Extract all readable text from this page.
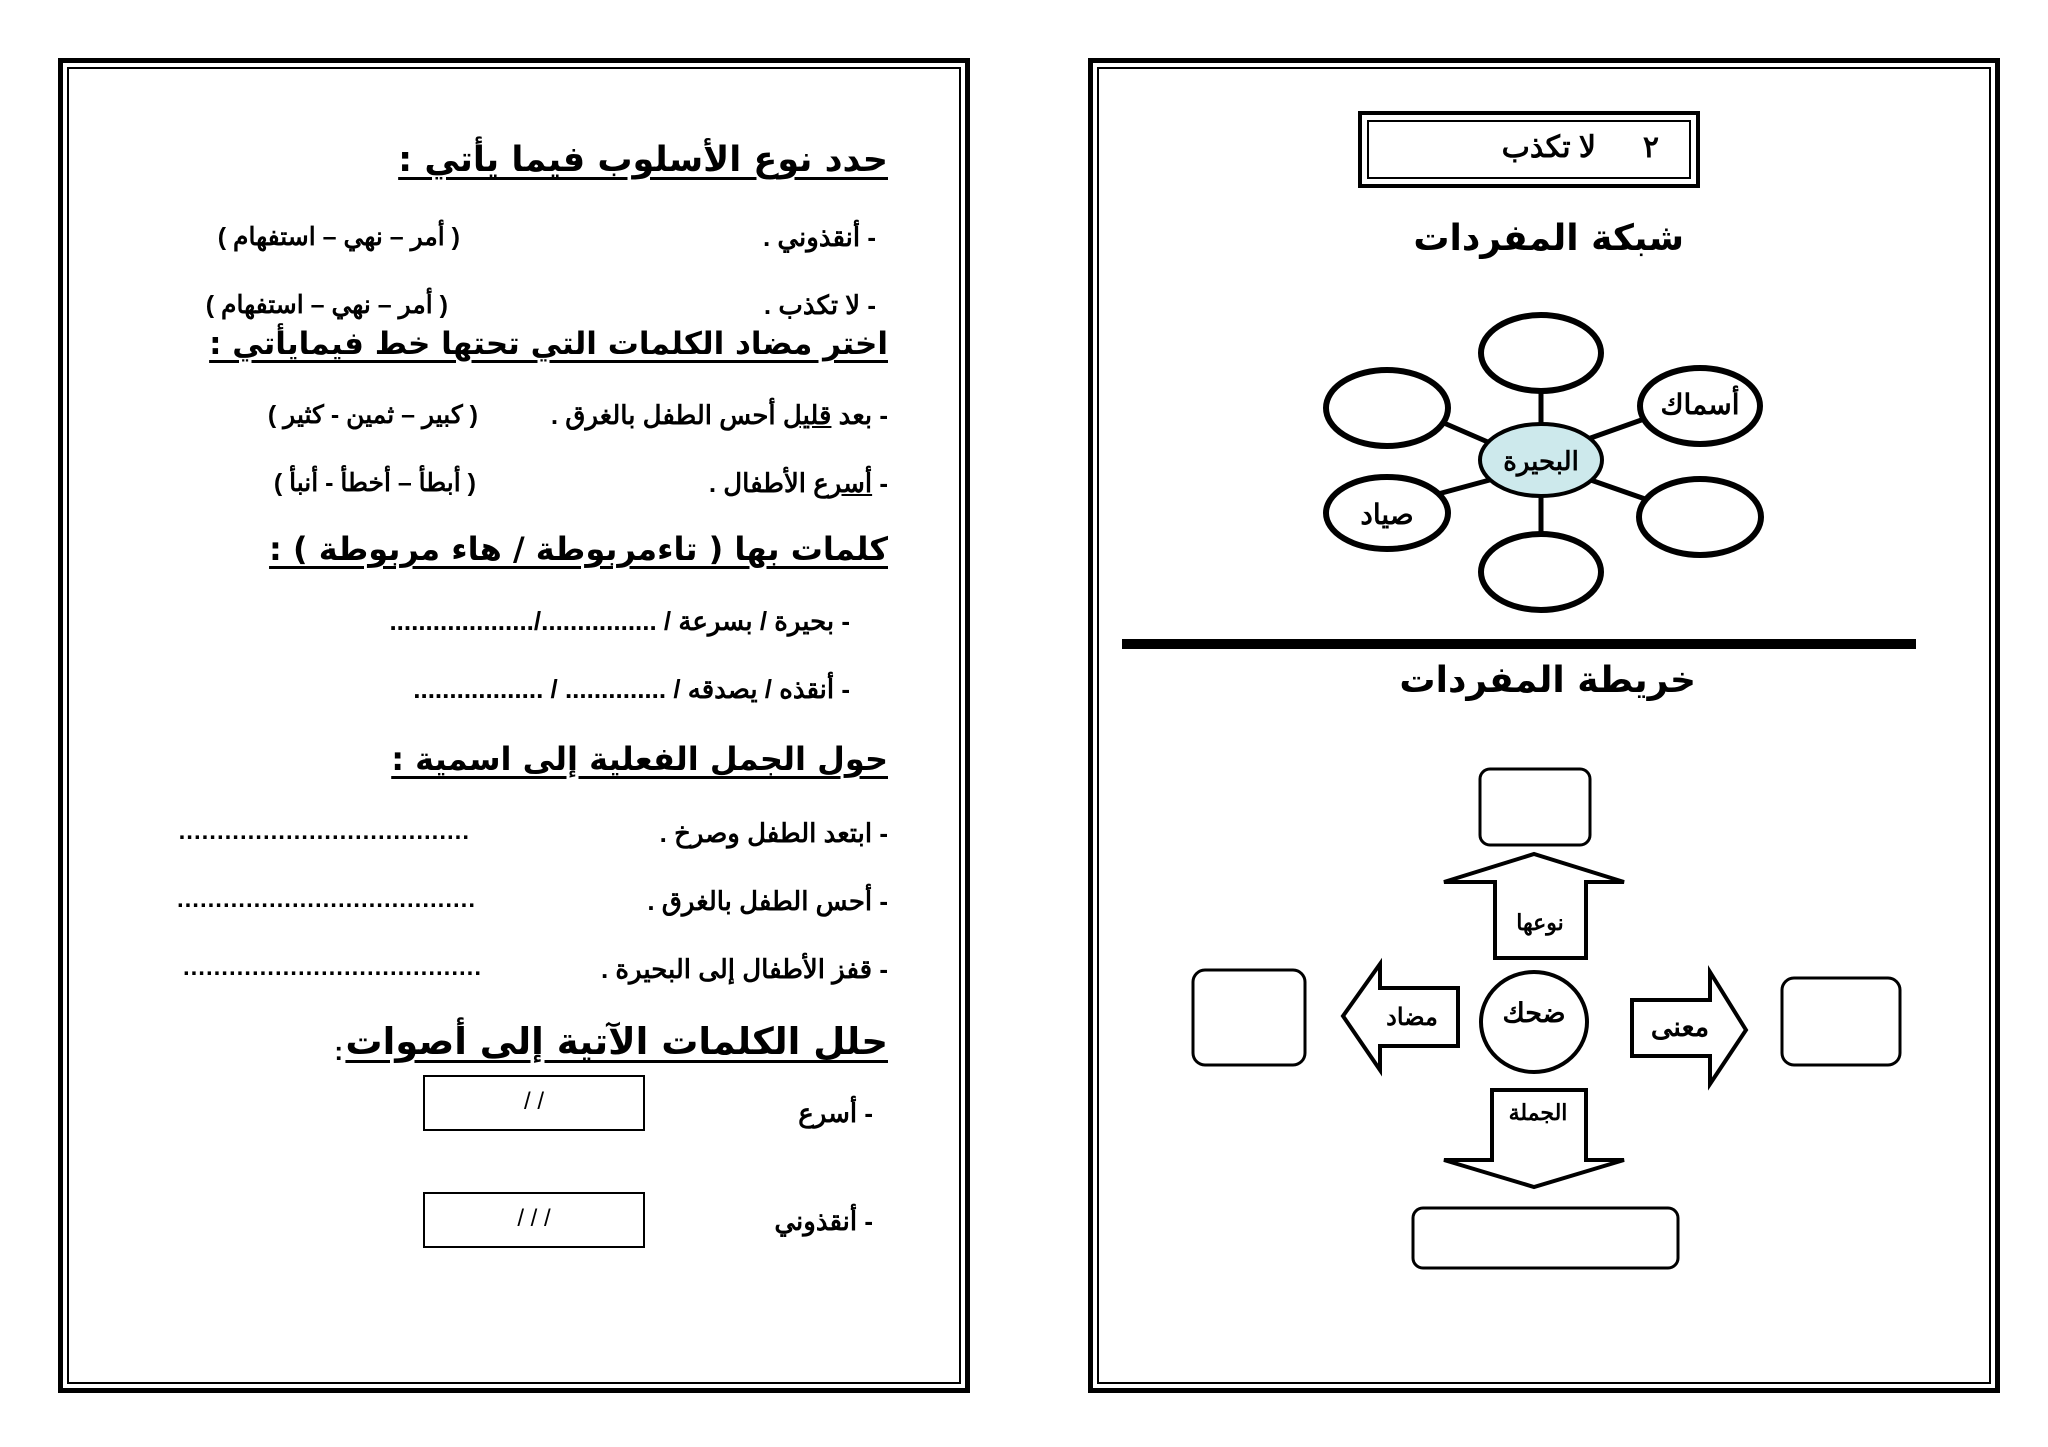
حدد نوع الأسلوب فيما يأتي :
- أنقذوني .
( أمر – نهي – استفهام )
- لا تكذب .
( أمر – نهي – استفهام )
اختر مضاد الكلمات التي تحتها خط فيمايأتي :
- بعد قليل أحس الطفل بالغرق .
( كبير – ثمين - كثير )
- أسرع الأطفال .
( أبطأ – أخطأ - أنبأ )
كلمات بها ( تاءمربوطة / هاء مربوطة ) :
- بحيرة / بسرعة / ................/....................
- أنقذه / يصدقه / .............. / ..................
حول الجمل الفعلية إلى اسمية :
- ابتعد الطفل وصرخ .
......................................
- أحس الطفل بالغرق .
.......................................
- قفز الأطفال إلى البحيرة .
.......................................
حلل الكلمات الآتية إلى أصوات
:
- أسرع
/ /
- أنقذوني
/ / /
٢
لا تكذب
شبكة المفردات
خريطة المفردات
البحيرة
أسماك
صياد
ضحك
نوعها
مضاد	معنى
الجملة
